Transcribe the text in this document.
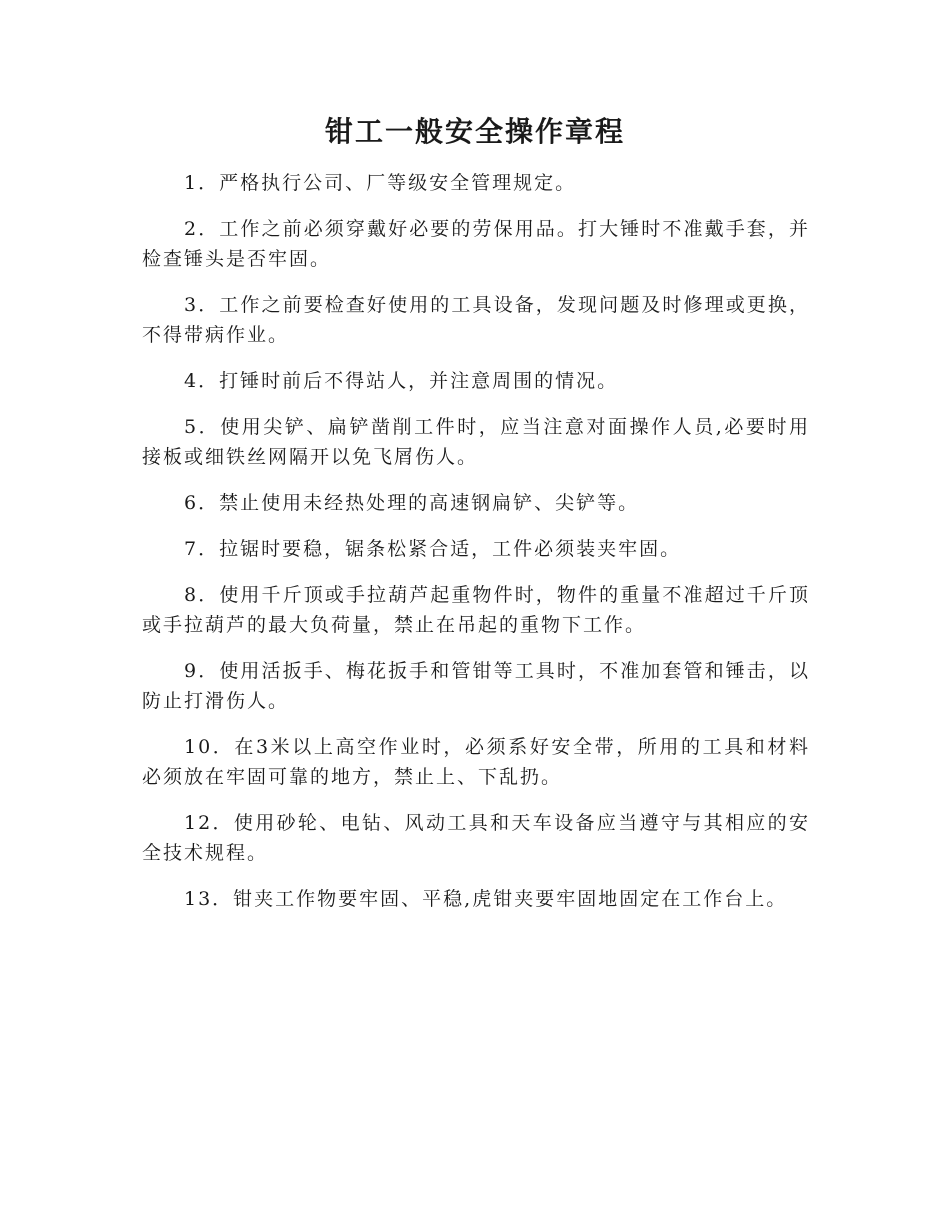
钳工一般安全操作章程

1．严格执行公司、厂等级安全管理规定。

2．工作之前必须穿戴好必要的劳保用品。打大锤时不准戴手套，并检查锤头是否牢固。

3．工作之前要检查好使用的工具设备，发现问题及时修理或更换，不得带病作业。

4．打锤时前后不得站人，并注意周围的情况。

5．使用尖铲、扁铲凿削工件时，应当注意对面操作人员,必要时用接板或细铁丝网隔开以免飞屑伤人。

6．禁止使用未经热处理的高速钢扁铲、尖铲等。

7．拉锯时要稳，锯条松紧合适，工件必须装夹牢固。

8．使用千斤顶或手拉葫芦起重物件时，物件的重量不准超过千斤顶或手拉葫芦的最大负荷量，禁止在吊起的重物下工作。

9．使用活扳手、梅花扳手和管钳等工具时，不准加套管和锤击，以防止打滑伤人。

10．在3米以上高空作业时，必须系好安全带，所用的工具和材料必须放在牢固可靠的地方，禁止上、下乱扔。

12．使用砂轮、电钻、风动工具和天车设备应当遵守与其相应的安全技术规程。

13．钳夹工作物要牢固、平稳,虎钳夹要牢固地固定在工作台上。
